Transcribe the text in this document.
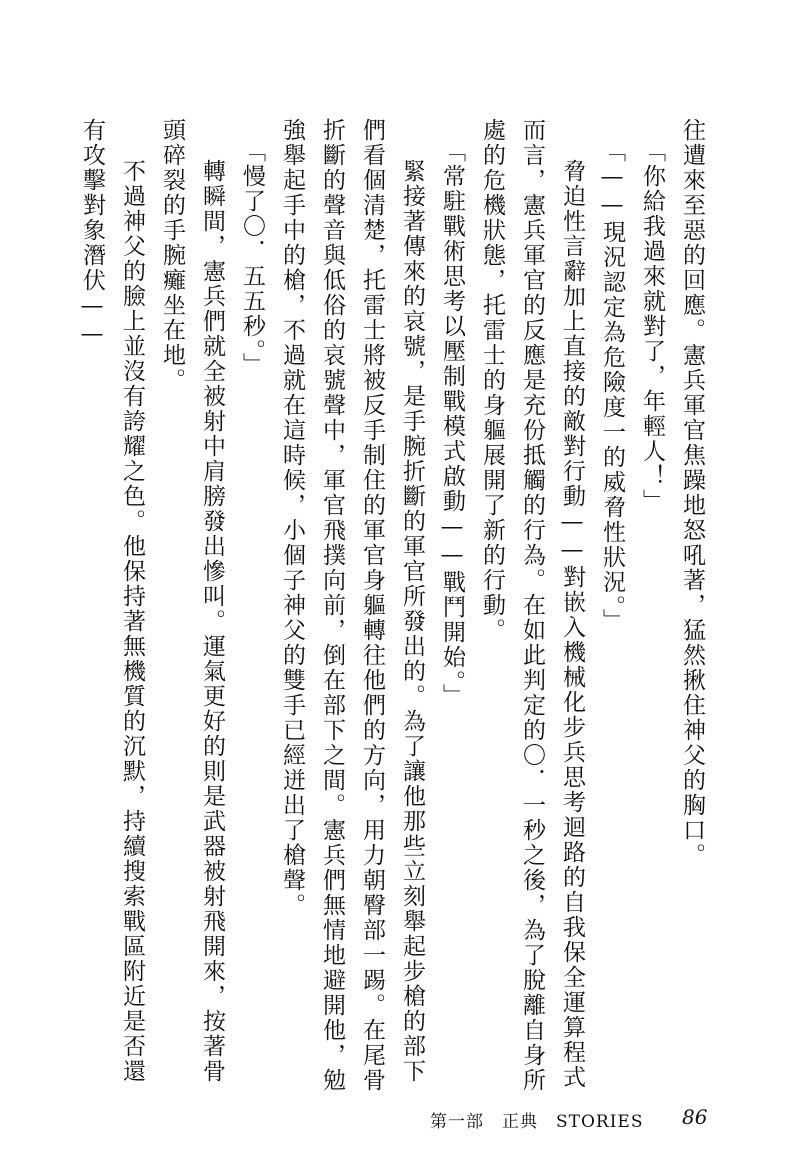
往遭來至惡的回應。憲兵軍官焦躁地怒吼著，猛然揪住神父的胸口。

「你給我過來就對了，年輕人！」

「——現況認定為危險度一的威脅性狀況。」

脅迫性言辭加上直接的敵對行動——對嵌入機械化步兵思考迴路的自我保全運算程式而言，憲兵軍官的反應是充份抵觸的行為。在如此判定的〇．一秒之後，為了脫離自身所處的危機狀態，托雷士的身軀展開了新的行動。

「常駐戰術思考以壓制戰模式啟動——戰鬥開始。」

緊接著傳來的哀號，是手腕折斷的軍官所發出的。為了讓他那些立刻舉起步槍的部下們看個清楚，托雷士將被反手制住的軍官身軀轉往他們的方向，用力朝臀部一踢。在尾骨折斷的聲音與低俗的哀號聲中，軍官飛撲向前，倒在部下之間。憲兵們無情地避開他，勉強舉起手中的槍，不過就在這時候，小個子神父的雙手已經迸出了槍聲。

「慢了〇．五五秒。」

轉瞬間，憲兵們就全被射中肩膀發出慘叫。運氣更好的則是武器被射飛開來，按著骨頭碎裂的手腕癱坐在地。

不過神父的臉上並沒有誇耀之色。他保持著無機質的沉默，持續搜索戰區附近是否還有攻擊對象潛伏——

第一部　正典　STORIES 86
